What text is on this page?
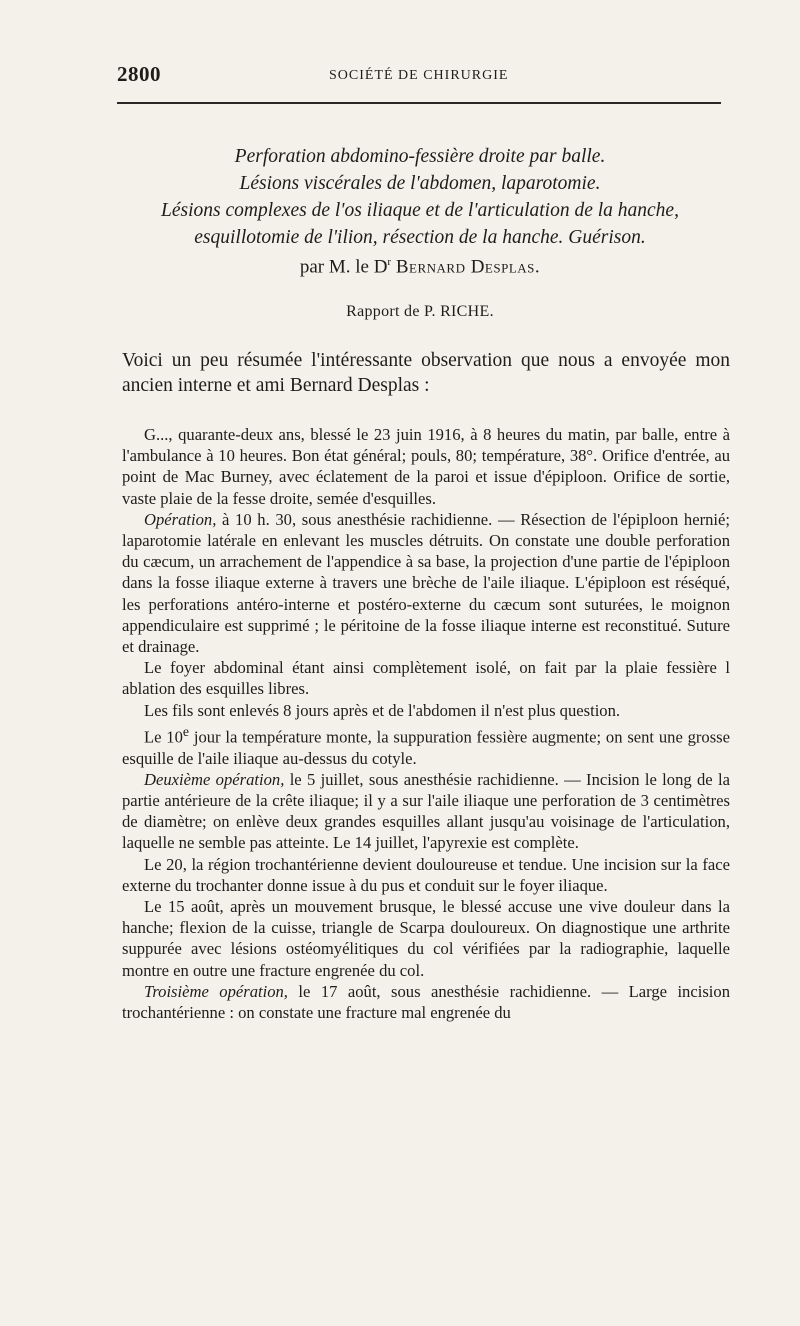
2800	SOCIÉTÉ DE CHIRURGIE
Perforation abdomino-fessière droite par balle.
Lésions viscérales de l'abdomen, laparotomie.
Lésions complexes de l'os iliaque et de l'articulation de la hanche,
esquillotomie de l'ilion, résection de la hanche. Guérison.
par M. le $D^r$ Bernard Desplas.
Rapport de P. RICHE.
Voici un peu résumée l'intéressante observation que nous a envoyée mon ancien interne et ami Bernard Desplas :

G..., quarante-deux ans, blessé le 23 juin 1916, à 8 heures du matin, par balle, entre à l'ambulance à 10 heures. Bon état général; pouls, 80; température, 38°. Orifice d'entrée, au point de Mac Burney, avec éclatement de la paroi et issue d'épiploon. Orifice de sortie, vaste plaie de la fesse droite, semée d'esquilles.

Opération, à 10 h. 30, sous anesthésie rachidienne. — Résection de l'épiploon hernié; laparotomie latérale en enlevant les muscles détruits. On constate une double perforation du cæcum, un arrachement de l'appendice à sa base, la projection d'une partie de l'épiploon dans la fosse iliaque externe à travers une brèche de l'aile iliaque. L'épiploon est réséqué, les perforations antéro-interne et postéro-externe du cæcum sont suturées, le moignon appendiculaire est supprimé ; le péritoine de la fosse iliaque interne est reconstitué. Suture et drainage.

Le foyer abdominal étant ainsi complètement isolé, on fait par la plaie fessière l ablation des esquilles libres.

Les fils sont enlevés 8 jours après et de l'abdomen il n'est plus question.

Le 10e jour la température monte, la suppuration fessière augmente; on sent une grosse esquille de l'aile iliaque au-dessus du cotyle.

Deuxième opération, le 5 juillet, sous anesthésie rachidienne. — Incision le long de la partie antérieure de la crête iliaque; il y a sur l'aile iliaque une perforation de 3 centimètres de diamètre; on enlève deux grandes esquilles allant jusqu'au voisinage de l'articulation, laquelle ne semble pas atteinte. Le 14 juillet, l'apyrexie est complète.

Le 20, la région trochantérienne devient douloureuse et tendue. Une incision sur la face externe du trochanter donne issue à du pus et conduit sur le foyer iliaque.

Le 15 août, après un mouvement brusque, le blessé accuse une vive douleur dans la hanche; flexion de la cuisse, triangle de Scarpa douloureux. On diagnostique une arthrite suppurée avec lésions ostéomyélitiques du col vérifiées par la radiographie, laquelle montre en outre une fracture engrenée du col.

Troisième opération, le 17 août, sous anesthésie rachidienne. — Large incision trochantérienne : on constate une fracture mal engrenée du
